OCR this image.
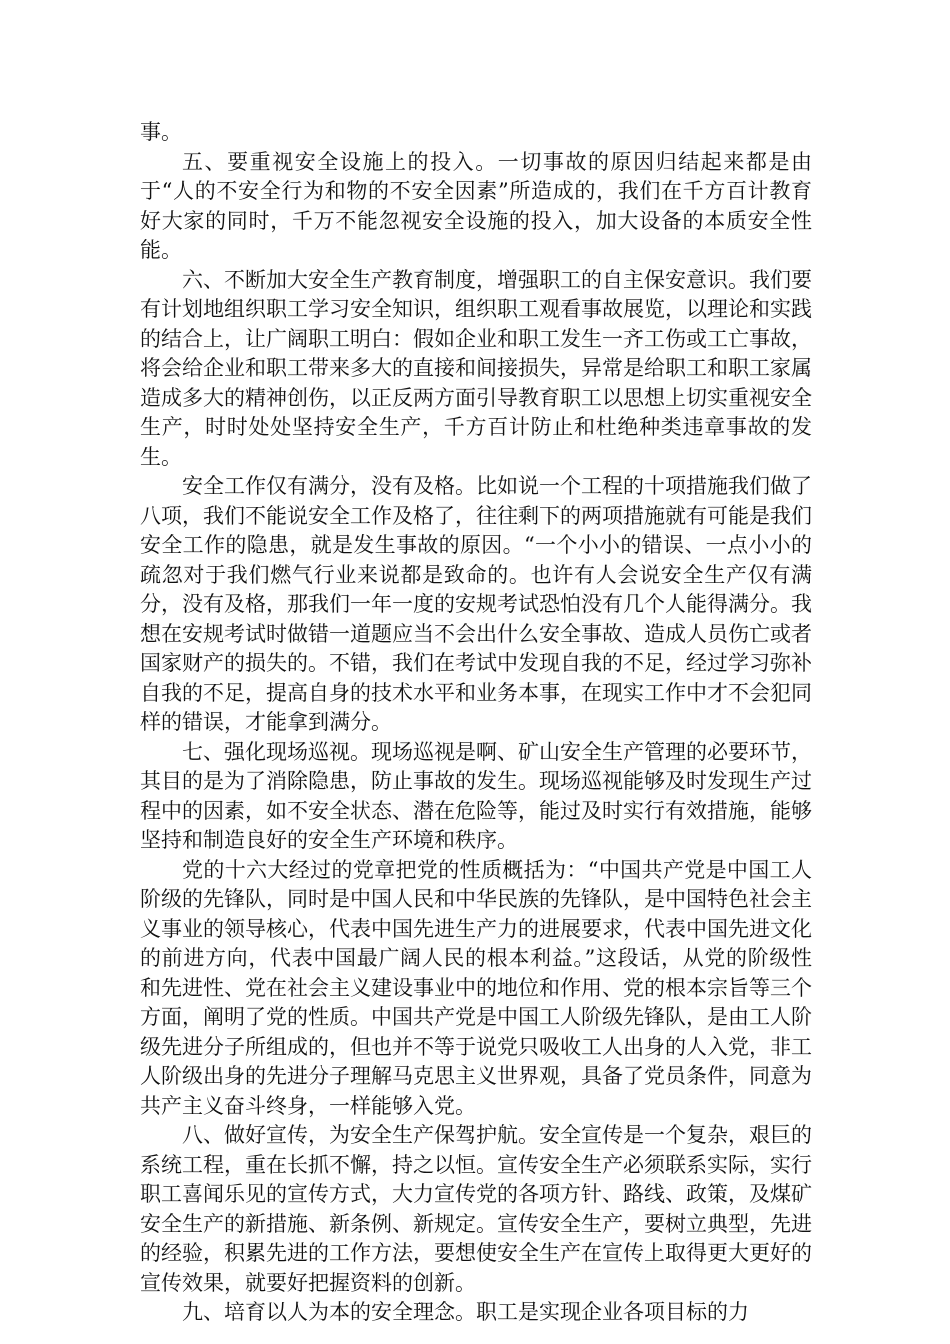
事。

五、要重视安全设施上的投入。一切事故的原因归结起来都是由于“人的不安全行为和物的不安全因素”所造成的，我们在千方百计教育好大家的同时，千万不能忽视安全设施的投入，加大设备的本质安全性能。

六、不断加大安全生产教育制度，增强职工的自主保安意识。我们要有计划地组织职工学习安全知识，组织职工观看事故展览，以理论和实践的结合上，让广阔职工明白：假如企业和职工发生一齐工伤或工亡事故，将会给企业和职工带来多大的直接和间接损失，异常是给职工和职工家属造成多大的精神创伤，以正反两方面引导教育职工以思想上切实重视安全生产，时时处处坚持安全生产，千方百计防止和杜绝种类违章事故的发生。

安全工作仅有满分，没有及格。比如说一个工程的十项措施我们做了八项，我们不能说安全工作及格了，往往剩下的两项措施就有可能是我们安全工作的隐患，就是发生事故的原因。“一个小小的错误、一点小小的疏忽对于我们燃气行业来说都是致命的。也许有人会说安全生产仅有满分，没有及格，那我们一年一度的安规考试恐怕没有几个人能得满分。我想在安规考试时做错一道题应当不会出什么安全事故、造成人员伤亡或者国家财产的损失的。不错，我们在考试中发现自我的不足，经过学习弥补自我的不足，提高自身的技术水平和业务本事，在现实工作中才不会犯同样的错误，才能拿到满分。

七、强化现场巡视。现场巡视是啊、矿山安全生产管理的必要环节，其目的是为了消除隐患，防止事故的发生。现场巡视能够及时发现生产过程中的因素，如不安全状态、潜在危险等，能过及时实行有效措施，能够坚持和制造良好的安全生产环境和秩序。

党的十六大经过的党章把党的性质概括为：“中国共产党是中国工人阶级的先锋队，同时是中国人民和中华民族的先锋队，是中国特色社会主义事业的领导核心，代表中国先进生产力的进展要求，代表中国先进文化的前进方向，代表中国最广阔人民的根本利益。”这段话，从党的阶级性和先进性、党在社会主义建设事业中的地位和作用、党的根本宗旨等三个方面，阐明了党的性质。中国共产党是中国工人阶级先锋队，是由工人阶级先进分子所组成的，但也并不等于说党只吸收工人出身的人入党，非工人阶级出身的先进分子理解马克思主义世界观，具备了党员条件，同意为共产主义奋斗终身，一样能够入党。

八、做好宣传，为安全生产保驾护航。安全宣传是一个复杂，艰巨的系统工程，重在长抓不懈，持之以恒。宣传安全生产必须联系实际，实行职工喜闻乐见的宣传方式，大力宣传党的各项方针、路线、政策，及煤矿安全生产的新措施、新条例、新规定。宣传安全生产，要树立典型，先进的经验，积累先进的工作方法，要想使安全生产在宣传上取得更大更好的宣传效果，就要好把握资料的创新。

九、培育以人为本的安全理念。职工是实现企业各项目标的力
